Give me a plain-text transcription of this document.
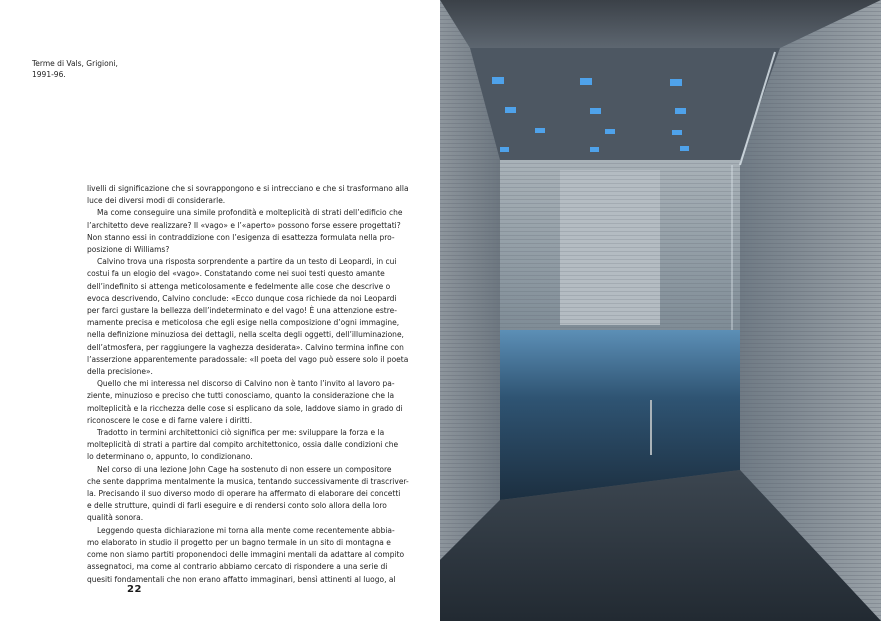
Terme di Vals, Grigioni,
1991-96.
livelli di significazione che si sovrappongono e si intrecciano e che si trasformano alla
luce dei diversi modi di considerarle.
Ma come conseguire una simile profondità e molteplicità di strati dell’edificio che
l’architetto deve realizzare? Il «vago» e l’«aperto» possono forse essere progettati?
Non stanno essi in contraddizione con l’esigenza di esattezza formulata nella pro-
posizione di Williams?
Calvino trova una risposta sorprendente a partire da un testo di Leopardi, in cui
costui fa un elogio del «vago». Constatando come nei suoi testi questo amante
dell’indefinito si attenga meticolosamente e fedelmente alle cose che descrive o
evoca descrivendo, Calvino conclude: «Ecco dunque cosa richiede da noi Leopardi
per farci gustare la bellezza dell’indeterminato e del vago! È una attenzione estre-
mamente precisa e meticolosa che egli esige nella composizione d’ogni immagine,
nella definizione minuziosa dei dettagli, nella scelta degli oggetti, dell’illuminazione,
dell’atmosfera, per raggiungere la vaghezza desiderata». Calvino termina infine con
l’asserzione apparentemente paradossale: «Il poeta del vago può essere solo il poeta
della precisione».
Quello che mi interessa nel discorso di Calvino non è tanto l’invito al lavoro pa-
ziente, minuzioso e preciso che tutti conosciamo, quanto la considerazione che la
molteplicità e la ricchezza delle cose si esplicano da sole, laddove siamo in grado di
riconoscere le cose e di farne valere i diritti.
Tradotto in termini architettonici ciò significa per me: sviluppare la forza e la
molteplicità di strati a partire dal compito architettonico, ossia dalle condizioni che
lo determinano o, appunto, lo condizionano.
Nel corso di una lezione John Cage ha sostenuto di non essere un compositore
che sente dapprima mentalmente la musica, tentando successivamente di trascriver-
la. Precisando il suo diverso modo di operare ha affermato di elaborare dei concetti
e delle strutture, quindi di farli eseguire e di rendersi conto solo allora della loro
qualità sonora.
Leggendo questa dichiarazione mi torna alla mente come recentemente abbia-
mo elaborato in studio il progetto per un bagno termale in un sito di montagna e
come non siamo partiti proponendoci delle immagini mentali da adattare al compito
assegnatoci, ma come al contrario abbiamo cercato di rispondere a una serie di
quesiti fondamentali che non erano affatto immaginari, bensì attinenti al luogo, al
22
